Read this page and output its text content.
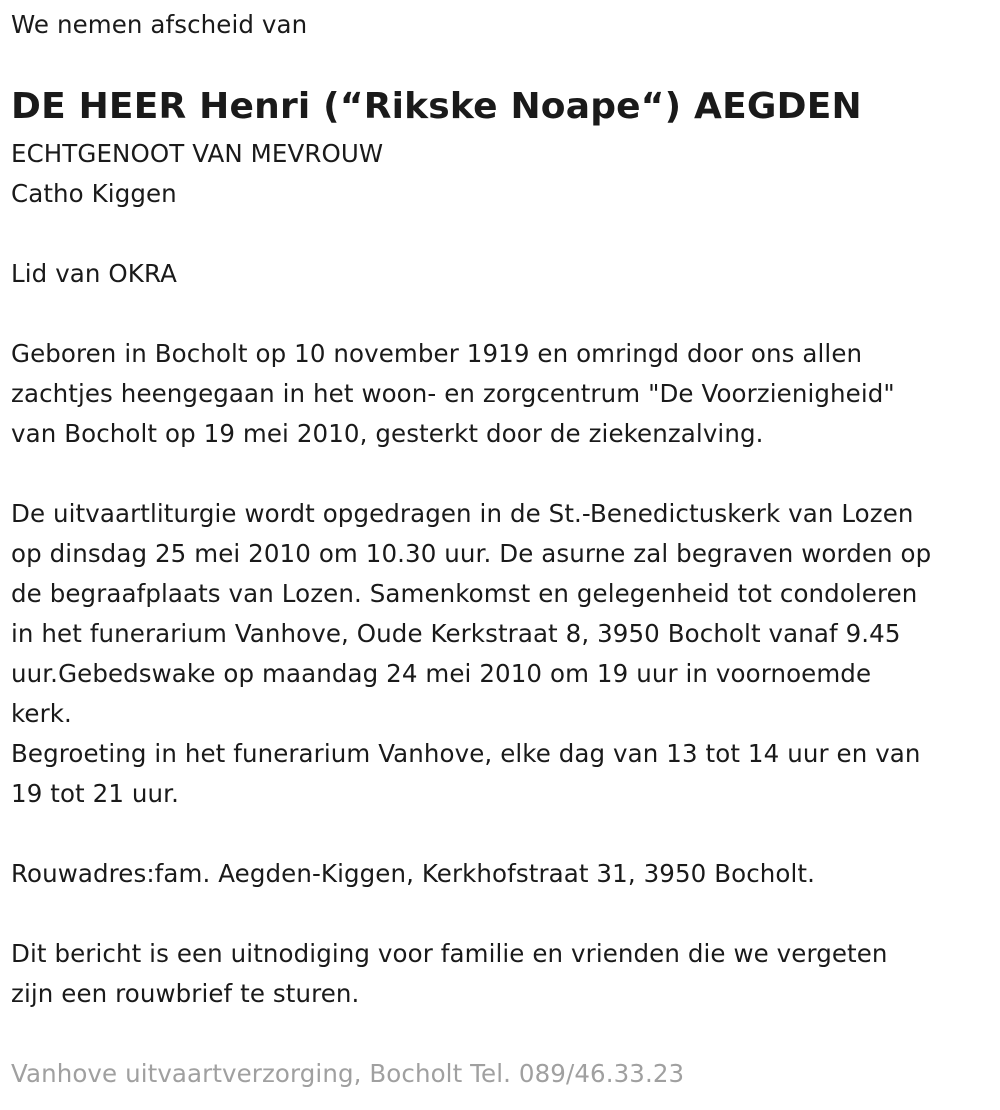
We nemen afscheid van
DE HEER Henri (“Rikske Noape“) AEGDEN
ECHTGENOOT VAN MEVROUW
Catho Kiggen
Lid van OKRA
Geboren in Bocholt op 10 november 1919 en omringd door ons allen
zachtjes heengegaan in het woon- en zorgcentrum "De Voorzienigheid"
van Bocholt op 19 mei 2010, gesterkt door de ziekenzalving.
De uitvaartliturgie wordt opgedragen in de St.-Benedictuskerk van Lozen
op dinsdag 25 mei 2010 om 10.30 uur. De asurne zal begraven worden op
de begraafplaats van Lozen. Samenkomst en gelegenheid tot condoleren
in het funerarium Vanhove, Oude Kerkstraat 8, 3950 Bocholt vanaf 9.45
uur.Gebedswake op maandag 24 mei 2010 om 19 uur in voornoemde
kerk.
Begroeting in het funerarium Vanhove, elke dag van 13 tot 14 uur en van
19 tot 21 uur.
Rouwadres:fam. Aegden-Kiggen, Kerkhofstraat 31, 3950 Bocholt.
Dit bericht is een uitnodiging voor familie en vrienden die we vergeten
zijn een rouwbrief te sturen.
Vanhove uitvaartverzorging, Bocholt Tel. 089/46.33.23
